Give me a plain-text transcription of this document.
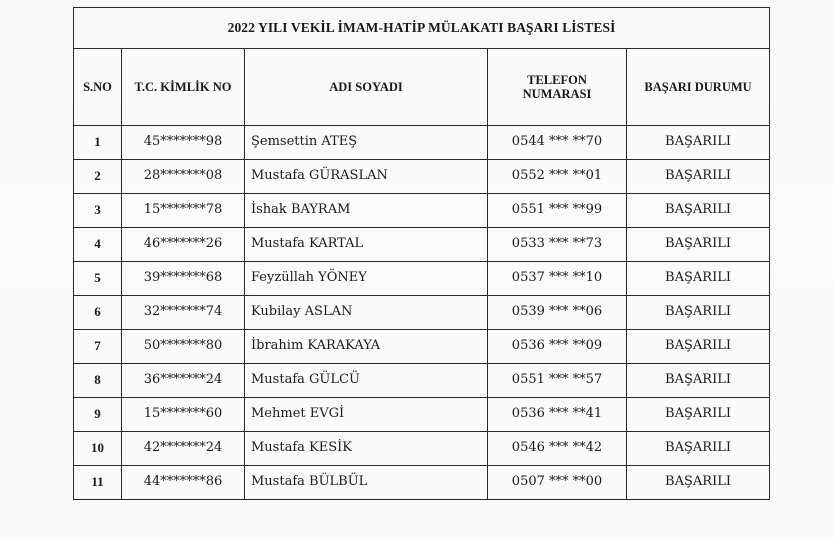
2022 YILI VEKİL İMAM-HATİP MÜLAKATI BAŞARI LİSTESİ				
S.NO	T.C. KİMLİK NO	ADI SOYADI	TELEFON NUMARASI	BAŞARI DURUMU
1	45*******98	Şemsettin ATEŞ	0544 *** **70	BAŞARILI
2	28*******08	Mustafa GÜRASLAN	0552 *** **01	BAŞARILI
3	15*******78	İshak BAYRAM	0551 *** **99	BAŞARILI
4	46*******26	Mustafa KARTAL	0533 *** **73	BAŞARILI
5	39*******68	Feyzüllah YÖNEY	0537 *** **10	BAŞARILI
6	32*******74	Kubilay ASLAN	0539 *** **06	BAŞARILI
7	50*******80	İbrahim KARAKAYA	0536 *** **09	BAŞARILI
8	36*******24	Mustafa GÜLCÜ	0551 *** **57	BAŞARILI
9	15*******60	Mehmet EVGİ	0536 *** **41	BAŞARILI
10	42*******24	Mustafa KESİK	0546 *** **42	BAŞARILI
11	44*******86	Mustafa BÜLBÜL	0507 *** **00	BAŞARILI
